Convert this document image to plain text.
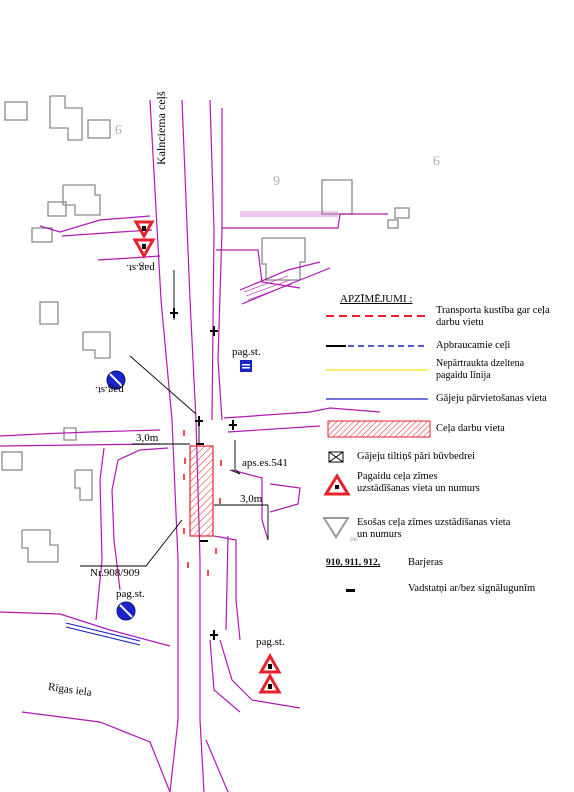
9
6
9
206
Kalnciema ceļš
Rīgas iela
pag.st.
pag.st.
pag.st.
pag.st.
pag.st.
3,0m
3,0m
aps.es.541
Nr.908/909
APZĪMĒJUMI :
Transporta kustība gar ceļa darbu vietu
Apbraucamie ceļi
Nepārtraukta dzeltena pagaidu līnija
Gājeju pārvietošanas vieta
Ceļa darbu vieta
Gājeju tiltiņš pāri būvbedrei
Pagaidu ceļa zīmes uzstādīšanas vieta un numurs
Esošas ceļa zīmes uzstādīšanas vieta un numurs
910, 911, 912,	Barjeras
Vadstatņi ar/bez signālugunīm
